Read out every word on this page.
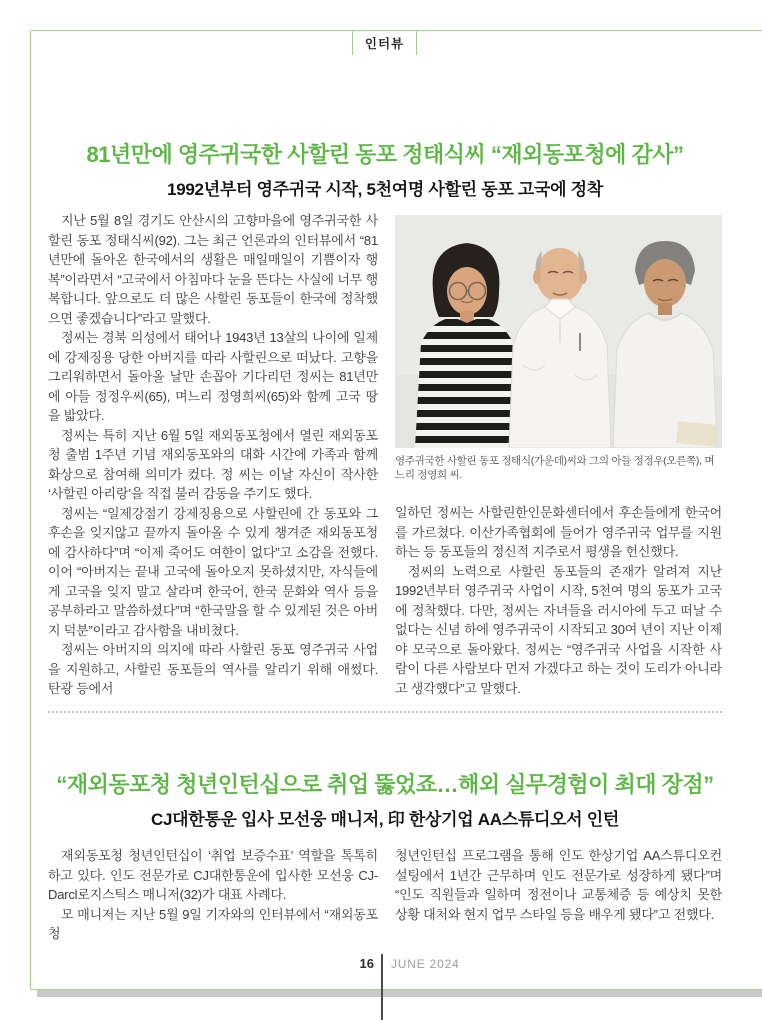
인터뷰
81년만에 영주귀국한 사할린 동포 정태식씨 “재외동포청에 감사”
1992년부터 영주귀국 시작, 5천여명 사할린 동포 고국에 정착

지난 5월 8일 경기도 안산시의 고향마을에 영주귀국한 사할린 동포 정태식씨(92). 그는 최근 언론과의 인터뷰에서 “81년만에 돌아온 한국에서의 생활은 매일매일이 기쁨이자 행복”이라면서 “고국에서 아침마다 눈을 뜬다는 사실에 너무 행복합니다. 앞으로도 더 많은 사할린 동포들이 한국에 정착했으면 좋겠습니다”라고 말했다.

정씨는 경북 의성에서 태어나 1943년 13살의 나이에 일제에 강제징용 당한 아버지를 따라 사할린으로 떠났다. 고향을 그리워하면서 돌아올 날만 손꼽아 기다리던 정씨는 81년만에 아들 정정우씨(65), 며느리 정영희씨(65)와 함께 고국 땅을 밟았다.

정씨는 특히 지난 6월 5일 재외동포청에서 열린 재외동포청 출범 1주년 기념 재외동포와의 대화 시간에 가족과 함께 화상으로 참여해 의미가 컸다. 정 씨는 이날 자신이 작사한 ‘사할린 아리랑’을 직접 불러 감동을 주기도 했다.

정씨는 “일제강점기 강제징용으로 사할린에 간 동포와 그 후손을 잊지않고 끝까지 돌아올 수 있게 챙겨준 재외동포청에 감사하다”며 “이제 죽어도 여한이 없다”고 소감을 전했다. 이어 “아버지는 끝내 고국에 돌아오지 못하셨지만, 자식들에게 고국을 잊지 말고 살라며 한국어, 한국 문화와 역사 등을 공부하라고 말씀하셨다”며 “한국말을 할 수 있게된 것은 아버지 덕분”이라고 감사함을 내비쳤다.

정씨는 아버지의 의지에 따라 사할린 동포 영주귀국 사업을 지원하고, 사할린 동포들의 역사를 알리기 위해 애썼다. 탄광 등에서

영주귀국한 사할린 동포 정태식(가운데)씨와 그의 아들 정정우(오른쪽), 며느리 정영희 씨.

일하던 정씨는 사할린한인문화센터에서 후손들에게 한국어를 가르쳤다. 이산가족협회에 들어가 영주귀국 업무를 지원하는 등 동포들의 정신적 지주로서 평생을 헌신했다.

정씨의 노력으로 사할린 동포들의 존재가 알려져 지난 1992년부터 영주귀국 사업이 시작, 5천여 명의 동포가 고국에 정착했다. 다만, 정씨는 자녀들을 러시아에 두고 떠날 수 없다는 신념 하에 영주귀국이 시작되고 30여 년이 지난 이제야 모국으로 돌아왔다. 정씨는 “영주귀국 사업을 시작한 사람이 다른 사람보다 먼저 가겠다고 하는 것이 도리가 아니라고 생각했다”고 말했다.

“재외동포청 청년인턴십으로 취업 뚫었죠…해외 실무경험이 최대 장점”
CJ대한통운 입사 모선웅 매니저, 印 한상기업 AA스튜디오서 인턴

재외동포청 청년인턴십이 ‘취업 보증수표’ 역할을 톡톡히 하고 있다. 인도 전문가로 CJ대한통운에 입사한 모선웅 CJ-Darcl로지스틱스 매니저(32)가 대표 사례다.

모 매니저는 지난 5월 9일 기자와의 인터뷰에서 “재외동포청

청년인턴십 프로그램을 통해 인도 한상기업 AA스튜디오컨설팅에서 1년간 근무하며 인도 전문가로 성장하게 됐다”며 “인도 직원들과 일하며 정전이나 교통체증 등 예상치 못한 상황 대처와 현지 업무 스타일 등을 배우게 됐다”고 전했다.

16 JUNE 2024
